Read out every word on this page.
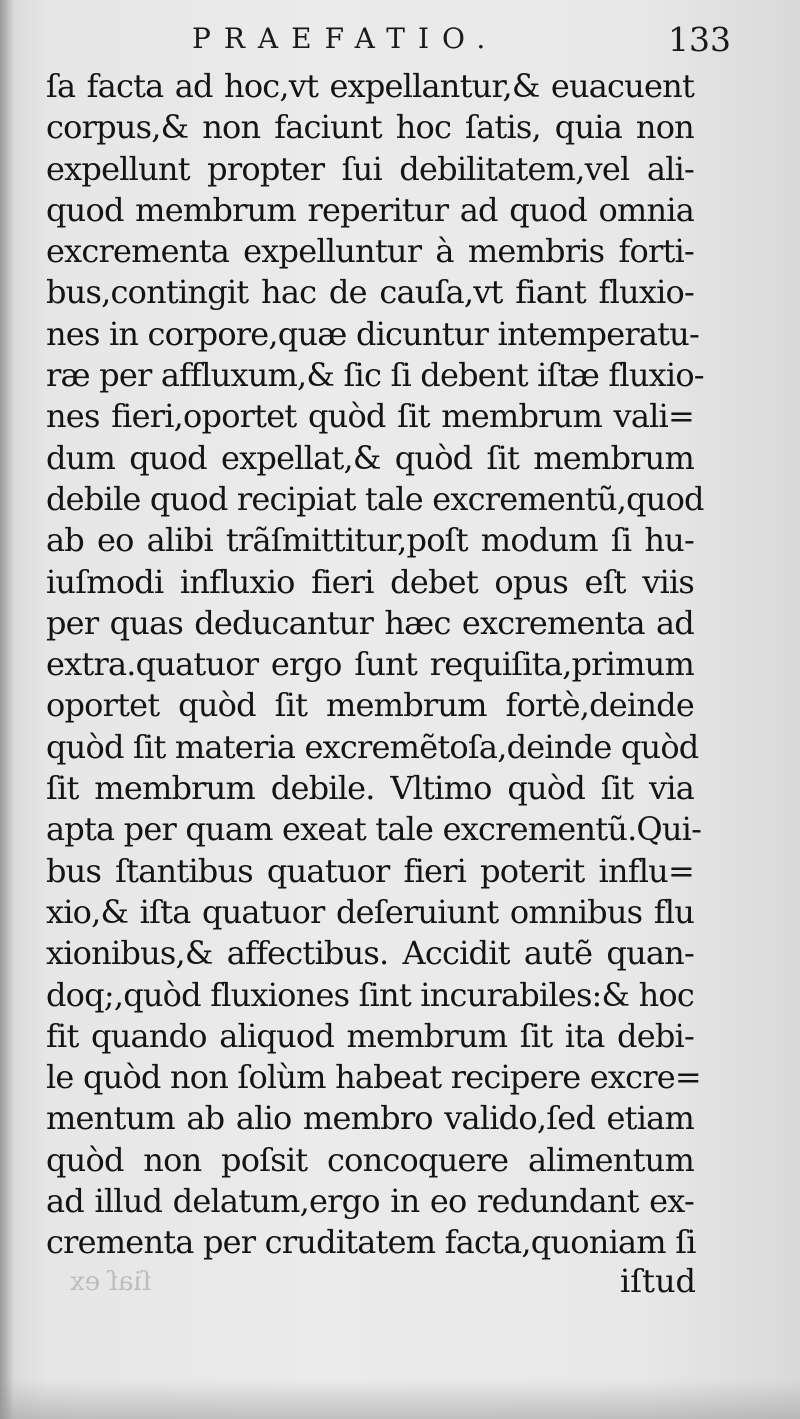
PRAEFATIO.	133
ſa facta ad hoc,vt expellantur,& euacuent
corpus,& non faciunt hoc ſatis, quia non
expellunt propter ſui debilitatem,vel ali-
quod membrum reperitur ad quod omnia
excrementa expelluntur à membris forti-
bus,contingit hac de cauſa,vt fiant fluxio-
nes in corpore,quæ dicuntur intemperatu-
ræ per affluxum,& ſic ſi debent iſtæ fluxio-
nes fieri,oportet quòd ſit membrum vali=
dum quod expellat,& quòd ſit membrum
debile quod recipiat tale excrementũ,quod
ab eo alibi trãſmittitur,poſt modum ſi hu-
iuſmodi influxio fieri debet opus eſt viis
per quas deducantur hæc excrementa ad
extra.quatuor ergo ſunt requiſita,primum
oportet quòd ſit membrum fortè,deinde
quòd ſit materia excremẽtoſa,deinde quòd
ſit membrum debile. Vltimo quòd ſit via
apta per quam exeat tale excrementũ.Qui-
bus ſtantibus quatuor fieri poterit influ=
xio,& iſta quatuor deſeruiunt omnibus flu
xionibus,& affectibus. Accidit autẽ quan-
doq;,quòd fluxiones ſint incurabiles:& hoc
fit quando aliquod membrum ſit ita debi-
le quòd non ſolùm habeat recipere excre=
mentum ab alio membro valido,ſed etiam
quòd non poſsit concoquere alimentum
ad illud delatum,ergo in eo redundant ex-
crementa per cruditatem facta,quoniam ſi
ſiaſ ex	iſtud
